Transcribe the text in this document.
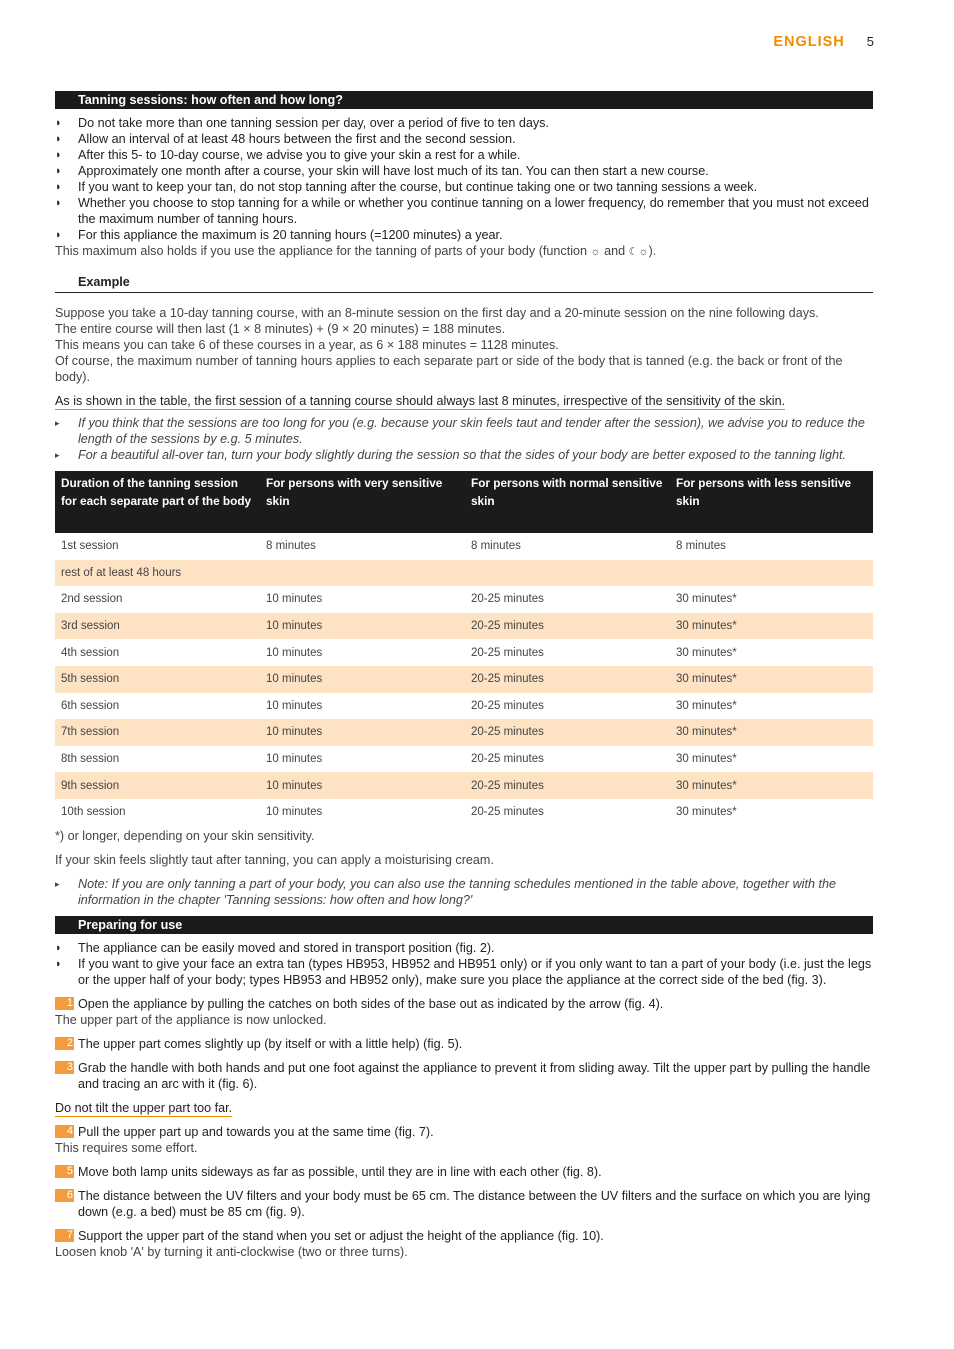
ENGLISH 5
Tanning sessions: how often and how long?
◗ Do not take more than one tanning session per day, over a period of five to ten days.
◗ Allow an interval of at least 48 hours between the first and the second session.
◗ After this 5- to 10-day course, we advise you to give your skin a rest for a while.
◗ Approximately one month after a course, your skin will have lost much of its tan. You can then start a new course.
◗ If you want to keep your tan, do not stop tanning after the course, but continue taking one or two tanning sessions a week.
◗ Whether you choose to stop tanning for a while or whether you continue tanning on a lower frequency, do remember that you must not exceed the maximum number of tanning hours.
◗ For this appliance the maximum is 20 tanning hours (=1200 minutes) a year.
This maximum also holds if you use the appliance for the tanning of parts of your body (function ☼ and ☾☼).
Example
Suppose you take a 10-day tanning course, with an 8-minute session on the first day and a 20-minute session on the nine following days.
The entire course will then last (1 × 8 minutes) + (9 × 20 minutes) = 188 minutes.
This means you can take 6 of these courses in a year, as 6 × 188 minutes = 1128 minutes.
Of course, the maximum number of tanning hours applies to each separate part or side of the body that is tanned (e.g. the back or front of the body).
As is shown in the table, the first session of a tanning course should always last 8 minutes, irrespective of the sensitivity of the skin.
▸ If you think that the sessions are too long for you (e.g. because your skin feels taut and tender after the session), we advise you to reduce the length of the sessions by e.g. 5 minutes.
▸ For a beautiful all-over tan, turn your body slightly during the session so that the sides of your body are better exposed to the tanning light.
Duration of the tanning session for each separate part of the body	For persons with very sensitive skin	For persons with normal sensitive skin	For persons with less sensitive skin
1st session	8 minutes	8 minutes	8 minutes
rest of at least 48 hours			
2nd session	10 minutes	20-25 minutes	30 minutes*
3rd session	10 minutes	20-25 minutes	30 minutes*
4th session	10 minutes	20-25 minutes	30 minutes*
5th session	10 minutes	20-25 minutes	30 minutes*
6th session	10 minutes	20-25 minutes	30 minutes*
7th session	10 minutes	20-25 minutes	30 minutes*
8th session	10 minutes	20-25 minutes	30 minutes*
9th session	10 minutes	20-25 minutes	30 minutes*
10th session	10 minutes	20-25 minutes	30 minutes*
*) or longer, depending on your skin sensitivity.
If your skin feels slightly taut after tanning, you can apply a moisturising cream.
▸ Note: If you are only tanning a part of your body, you can also use the tanning schedules mentioned in the table above, together with the information in the chapter 'Tanning sessions: how often and how long?'
Preparing for use
◗ The appliance can be easily moved and stored in transport position (fig. 2).
◗ If you want to give your face an extra tan (types HB953, HB952 and HB951 only) or if you only want to tan a part of your body (i.e. just the legs or the upper half of your body; types HB953 and HB952 only), make sure you place the appliance at the correct side of the bed (fig. 3).
1 Open the appliance by pulling the catches on both sides of the base out as indicated by the arrow (fig. 4).
The upper part of the appliance is now unlocked.
2 The upper part comes slightly up (by itself or with a little help) (fig. 5).
3 Grab the handle with both hands and put one foot against the appliance to prevent it from sliding away. Tilt the upper part by pulling the handle and tracing an arc with it (fig. 6).
Do not tilt the upper part too far.
4 Pull the upper part up and towards you at the same time (fig. 7).
This requires some effort.
5 Move both lamp units sideways as far as possible, until they are in line with each other (fig. 8).
6 The distance between the UV filters and your body must be 65 cm. The distance between the UV filters and the surface on which you are lying down (e.g. a bed) must be 85 cm (fig. 9).
7 Support the upper part of the stand when you set or adjust the height of the appliance (fig. 10).
Loosen knob 'A' by turning it anti-clockwise (two or three turns).
